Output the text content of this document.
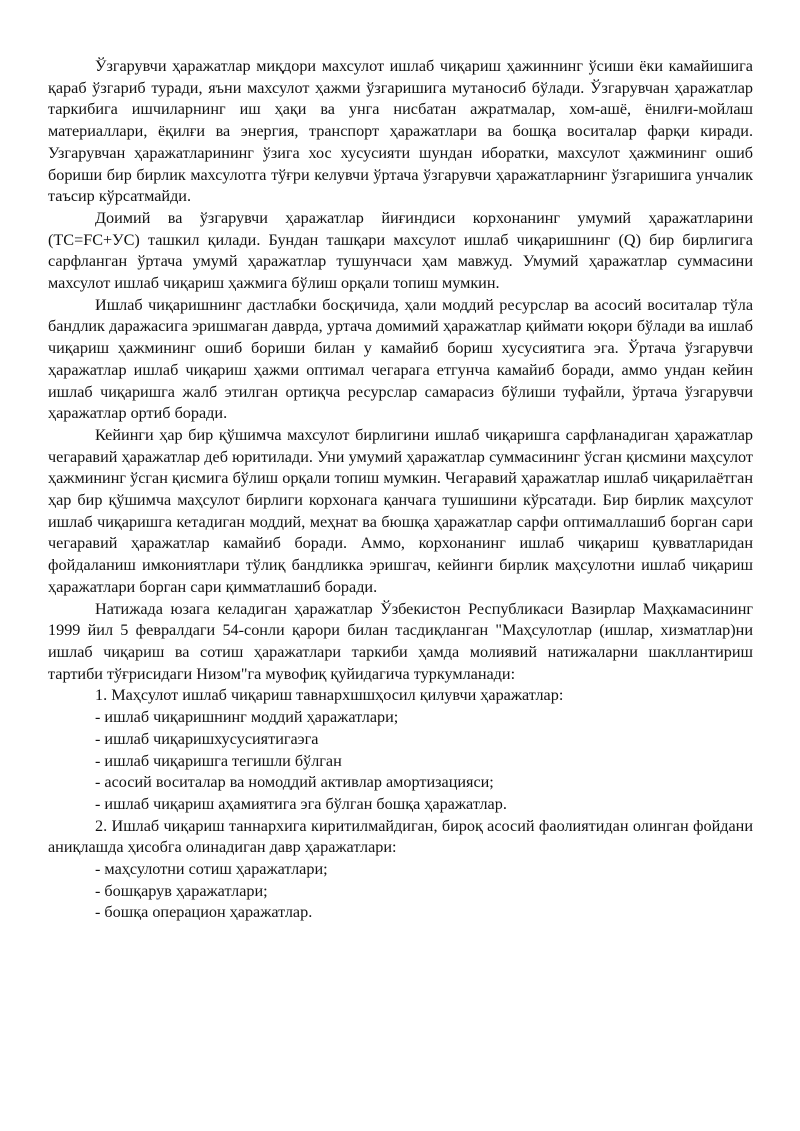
Ўзгарувчи ҳаражатлар миқдори махсулот ишлаб чиқариш ҳажиннинг ўсиши ёки камайишига қараб ўзгариб туради, яъни махсулот ҳажми ўзгаришига мутаносиб бўлади. Ўзгарувчан ҳаражатлар таркибига ишчиларнинг иш ҳақи ва унга нисбатан ажратмалар, хом-ашё, ёнилғи-мойлаш материаллари, ёқилғи ва энергия, транспорт ҳаражатлари ва бошқа воситалар фарқи киради. Узгарувчан ҳаражатларининг ўзига хос хусусияти шундан иборатки, махсулот ҳажмининг ошиб бориши бир бирлик махсулотга тўғри келувчи ўртача ўзгарувчи ҳаражатларнинг ўзгаришига унчалик таъсир кўрсатмайди.

Доимий ва ўзгарувчи ҳаражатлар йиғиндиси корхонанинг умумий ҳаражатларини (TC=FC+УС) ташкил қилади. Бундан ташқари махсулот ишлаб чиқаришнинг (Q) бир бирлигига сарфланган ўртача умумй ҳаражатлар тушунчаси ҳам мавжуд. Умумий ҳаражатлар суммасини махсулот ишлаб чиқариш ҳажмига бўлиш орқали топиш мумкин.

Ишлаб чиқаришнинг дастлабки босқичида, ҳали моддий ресурслар ва асосий воситалар тўла бандлик даражасига эришмаган даврда, уртача домимий ҳаражатлар қиймати юқори бўлади ва ишлаб чиқариш ҳажмининг ошиб бориши билан у камайиб бориш хусусиятига эга. Ўртача ўзгарувчи ҳаражатлар ишлаб чиқариш ҳажми оптимал чегарага етгунча камайиб боради, аммо ундан кейин ишлаб чиқаришга жалб этилган ортиқча ресурслар самарасиз бўлиши туфайли, ўртача ўзгарувчи ҳаражатлар ортиб боради.

Кейинги ҳар бир қўшимча махсулот бирлигини ишлаб чиқаришга сарфланадиган ҳаражатлар чегаравий ҳаражатлар деб юритилади. Уни умумий ҳаражатлар суммасининг ўсган қисмини маҳсулот ҳажмининг ўсган қисмига бўлиш орқали топиш мумкин. Чегаравий ҳаражатлар ишлаб чиқарилаётган ҳар бир қўшимча маҳсулот бирлиги корхонага қанчага тушишини кўрсатади. Бир бирлик маҳсулот ишлаб чиқаришга кетадиган моддий, меҳнат ва бюшқа ҳаражатлар сарфи оптималлашиб борган сари чегаравий ҳаражатлар камайиб боради. Аммо, корхонанинг ишлаб чиқариш қувватларидан фойдаланиш имкониятлари тўлиқ бандликка эришгач, кейинги бирлик маҳсулотни ишлаб чиқариш ҳаражатлари борган сари қимматлашиб боради.

Натижада юзага келадиган ҳаражатлар Ўзбекистон Республикаси Вазирлар Маҳкамасининг 1999 йил 5 февралдаги 54-сонли қарори билан тасдиқланган "Маҳсулотлар (ишлар, хизматлар)ни ишлаб чиқариш ва сотиш ҳаражатлари таркиби ҳамда молиявий натижаларни шакллантириш тартиби тўғрисидаги Низом"га мувофиқ қуйидагича туркумланади:

1. Маҳсулот ишлаб чиқариш тавнархшшҳосил қилувчи ҳаражатлар:

- ишлаб чиқаришнинг моддий ҳаражатлари;

- ишлаб чиқаришхусусиятигаэга

- ишлаб чиқаришга тегишли бўлган

- асосий воситалар ва номоддий активлар амортизацияси;

- ишлаб чиқариш аҳамиятига эга бўлган бошқа ҳаражатлар.

2. Ишлаб чиқариш таннархига киритилмайдиган, бироқ асосий фаолиятидан олинган фойдани аниқлашда ҳисобга олинадиган давр ҳаражатлари:

- маҳсулотни сотиш ҳаражатлари;

- бошқарув ҳаражатлари;

- бошқа операцион ҳаражатлар.
